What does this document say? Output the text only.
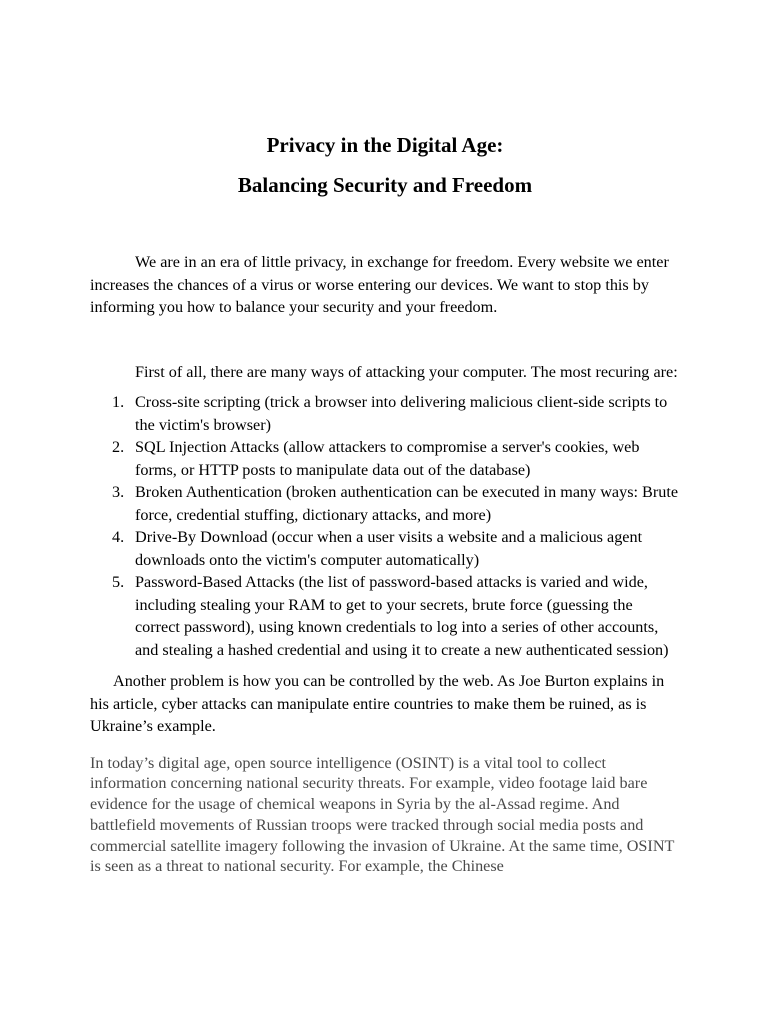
Privacy in the Digital Age:
Balancing Security and Freedom

We are in an era of little privacy, in exchange for freedom. Every website we enter increases the chances of a virus or worse entering our devices. We want to stop this by informing you how to balance your security and your freedom.

First of all, there are many ways of attacking your computer. The most recuring are:

1. Cross-site scripting (trick a browser into delivering malicious client-side scripts to the victim's browser)
2. SQL Injection Attacks (allow attackers to compromise a server's cookies, web forms, or HTTP posts to manipulate data out of the database)
3. Broken Authentication (broken authentication can be executed in many ways: Brute force, credential stuffing, dictionary attacks, and more)
4. Drive-By Download (occur when a user visits a website and a malicious agent downloads onto the victim's computer automatically)
5. Password-Based Attacks (the list of password-based attacks is varied and wide, including stealing your RAM to get to your secrets, brute force (guessing the correct password), using known credentials to log into a series of other accounts, and stealing a hashed credential and using it to create a new authenticated session)

Another problem is how you can be controlled by the web. As Joe Burton explains in his article, cyber attacks can manipulate entire countries to make them be ruined, as is Ukraine’s example.

In today’s digital age, open source intelligence (OSINT) is a vital tool to collect information concerning national security threats. For example, video footage laid bare evidence for the usage of chemical weapons in Syria by the al-Assad regime. And battlefield movements of Russian troops were tracked through social media posts and commercial satellite imagery following the invasion of Ukraine. At the same time, OSINT is seen as a threat to national security. For example, the Chinese
